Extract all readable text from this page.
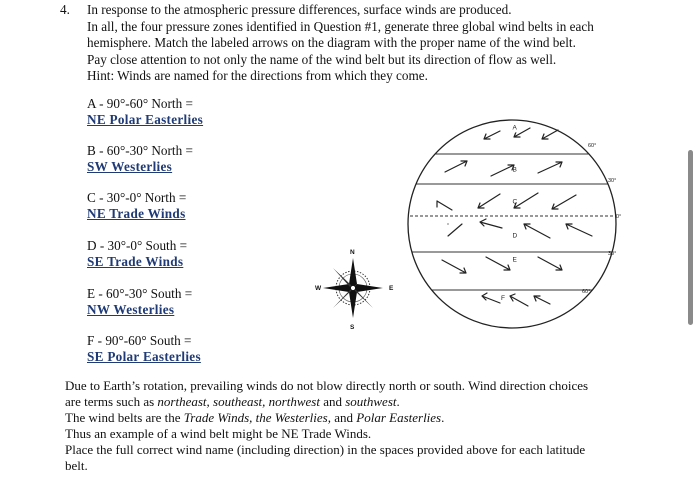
4. In response to the atmospheric pressure differences, surface winds are produced.
In all, the four pressure zones identified in Question #1, generate three global wind belts in each
hemisphere. Match the labeled arrows on the diagram with the proper name of the wind belt.
Pay close attention to not only the name of the wind belt but its direction of flow as well.
Hint: Winds are named for the directions from which they come.
A - 90°-60° North =
NE Polar Easterlies
B - 60°-30° North =
SW Westerlies
C - 30°-0° North =
NE Trade Winds
D - 30°-0° South =
SE Trade Winds
E - 60°-30° South =
NW Westerlies
F - 90°-60° South =
SE Polar Easterlies
A
B
C
D
E
F
60°
30°
0°
30°
60°
N
S
E
W
Due to Earth’s rotation, prevailing winds do not blow directly north or south. Wind direction choices
are terms such as northeast, southeast, northwest and southwest.
The wind belts are the Trade Winds, the Westerlies, and Polar Easterlies.
Thus an example of a wind belt might be NE Trade Winds.
Place the full correct wind name (including direction) in the spaces provided above for each latitude
belt.
